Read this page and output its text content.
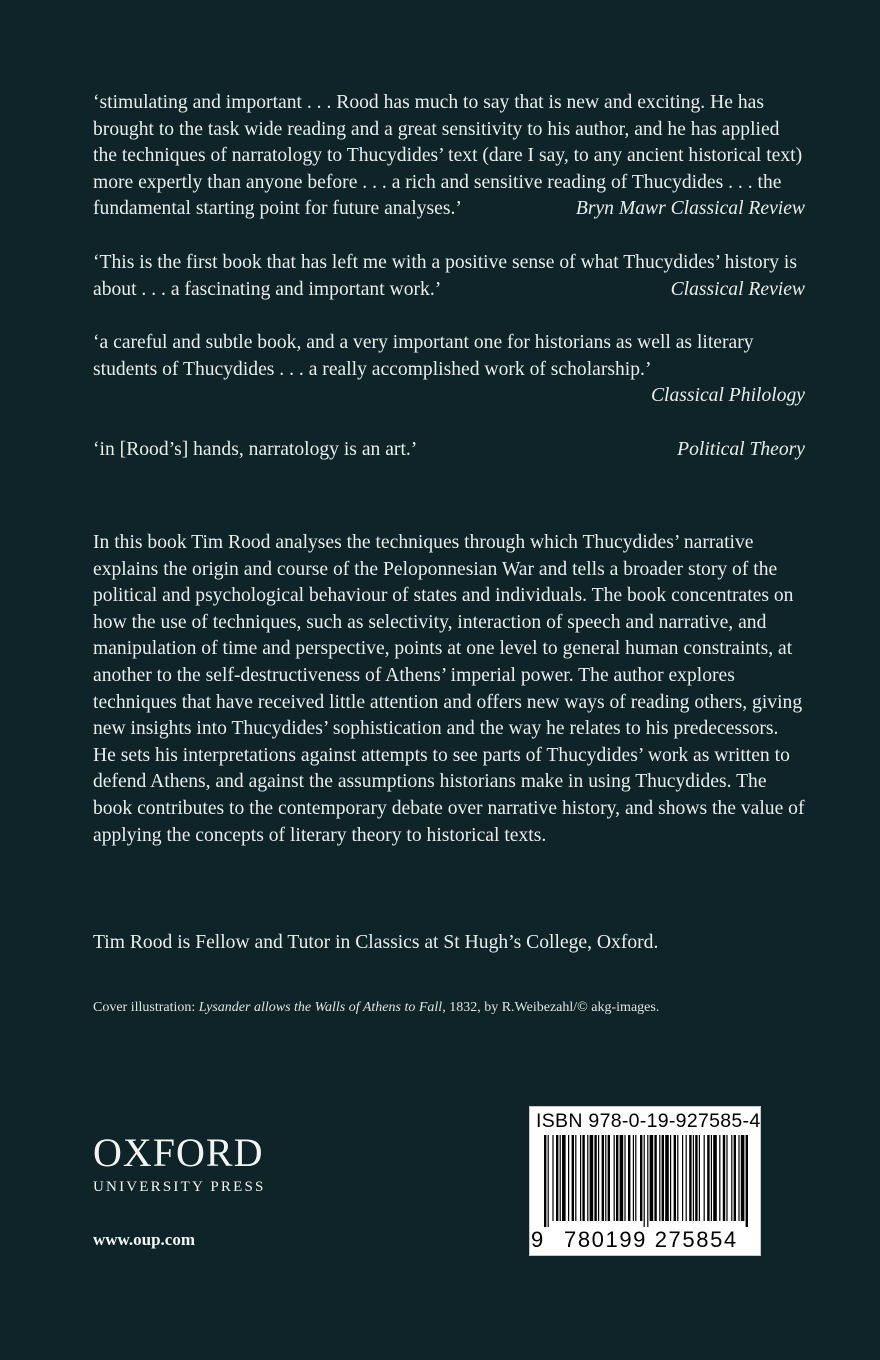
‘stimulating and important . . . Rood has much to say that is new and exciting. He has brought to the task wide reading and a great sensitivity to his author, and he has applied the techniques of narratology to Thucydides’ text (dare I say, to any ancient historical text) more expertly than anyone before . . . a rich and sensitive reading of Thucydides . . . the fundamental starting point for future analyses.’	Bryn Mawr Classical Review

‘This is the first book that has left me with a positive sense of what Thucydides’ history is about . . . a fascinating and important work.’	Classical Review

‘a careful and subtle book, and a very important one for historians as well as literary students of Thucydides . . . a really accomplished work of scholarship.’
Classical Philology

‘in [Rood’s] hands, narratology is an art.’	Political Theory

In this book Tim Rood analyses the techniques through which Thucydides’ narrative explains the origin and course of the Peloponnesian War and tells a broader story of the political and psychological behaviour of states and individuals. The book concentrates on how the use of techniques, such as selectivity, interaction of speech and narrative, and manipulation of time and perspective, points at one level to general human constraints, at another to the self-destructiveness of Athens’ imperial power. The author explores techniques that have received little attention and offers new ways of reading others, giving new insights into Thucydides’ sophistication and the way he relates to his predecessors. He sets his interpretations against attempts to see parts of Thucydides’ work as written to defend Athens, and against the assumptions historians make in using Thucydides. The book contributes to the contemporary debate over narrative history, and shows the value of applying the concepts of literary theory to historical texts.

Tim Rood is Fellow and Tutor in Classics at St Hugh’s College, Oxford.

Cover illustration: Lysander allows the Walls of Athens to Fall, 1832, by R.Weibezahl/© akg-images.

OXFORD
UNIVERSITY PRESS
www.oup.com
ISBN 978-0-19-927585-4
9 780199 275854
